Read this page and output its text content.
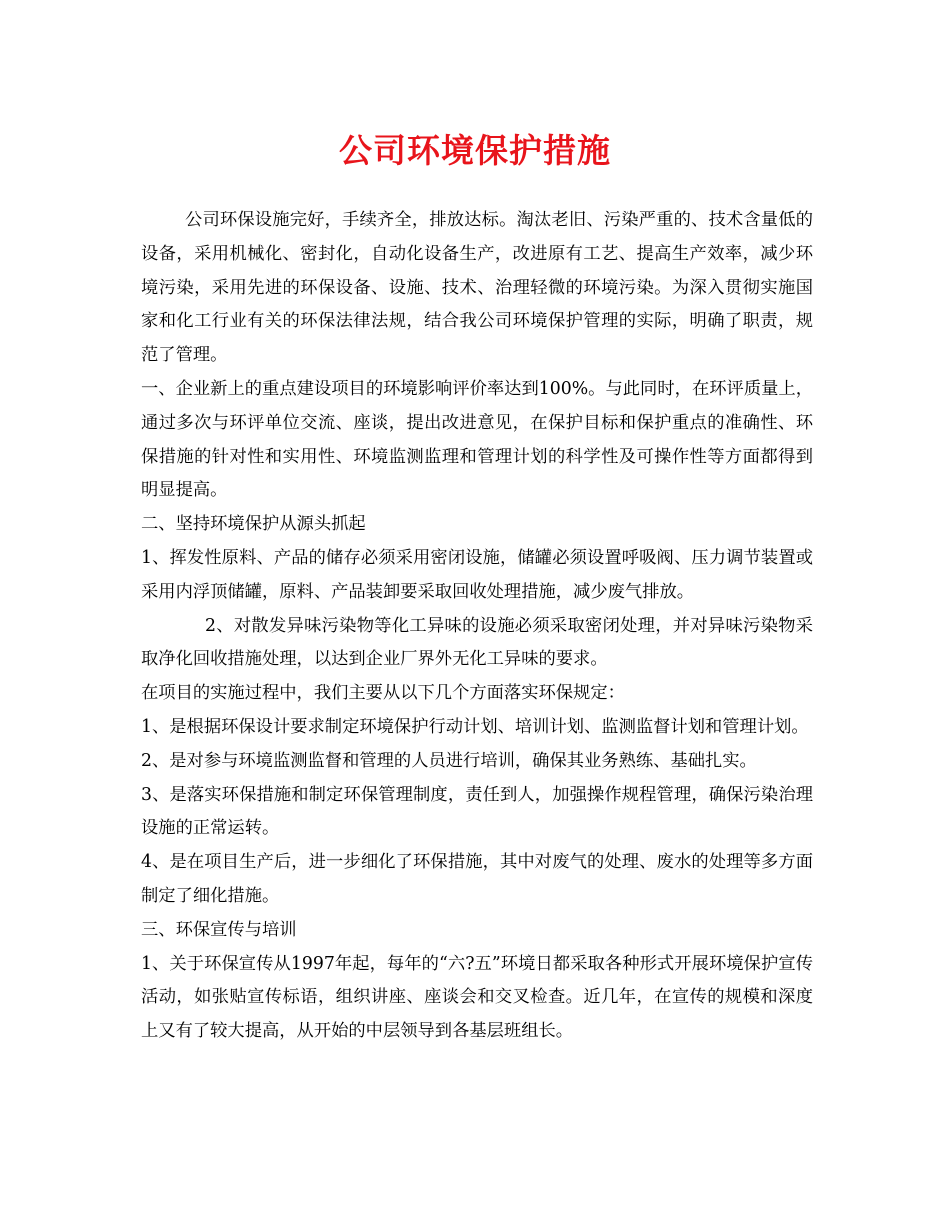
公司环境保护措施

公司环保设施完好，手续齐全，排放达标。淘汰老旧、污染严重的、技术含量低的设备，采用机械化、密封化，自动化设备生产，改进原有工艺、提高生产效率，减少环境污染，采用先进的环保设备、设施、技术、治理轻微的环境污染。为深入贯彻实施国家和化工行业有关的环保法律法规，结合我公司环境保护管理的实际，明确了职责，规范了管理。

一、企业新上的重点建设项目的环境影响评价率达到100%。与此同时，在环评质量上，通过多次与环评单位交流、座谈，提出改进意见，在保护目标和保护重点的准确性、环保措施的针对性和实用性、环境监测监理和管理计划的科学性及可操作性等方面都得到明显提高。

二、坚持环境保护从源头抓起

1、挥发性原料、产品的储存必须采用密闭设施，储罐必须设置呼吸阀、压力调节装置或采用内浮顶储罐，原料、产品装卸要采取回收处理措施，减少废气排放。

2、对散发异味污染物等化工异味的设施必须采取密闭处理，并对异味污染物采取净化回收措施处理，以达到企业厂界外无化工异味的要求。

在项目的实施过程中，我们主要从以下几个方面落实环保规定：

1、是根据环保设计要求制定环境保护行动计划、培训计划、监测监督计划和管理计划。

2、是对参与环境监测监督和管理的人员进行培训，确保其业务熟练、基础扎实。

3、是落实环保措施和制定环保管理制度，责任到人，加强操作规程管理，确保污染治理设施的正常运转。

4、是在项目生产后，进一步细化了环保措施，其中对废气的处理、废水的处理等多方面制定了细化措施。

三、环保宣传与培训

1、关于环保宣传从1997年起，每年的“六?五”环境日都采取各种形式开展环境保护宣传活动，如张贴宣传标语，组织讲座、座谈会和交叉检查。近几年，在宣传的规模和深度上又有了较大提高，从开始的中层领导到各基层班组长。
